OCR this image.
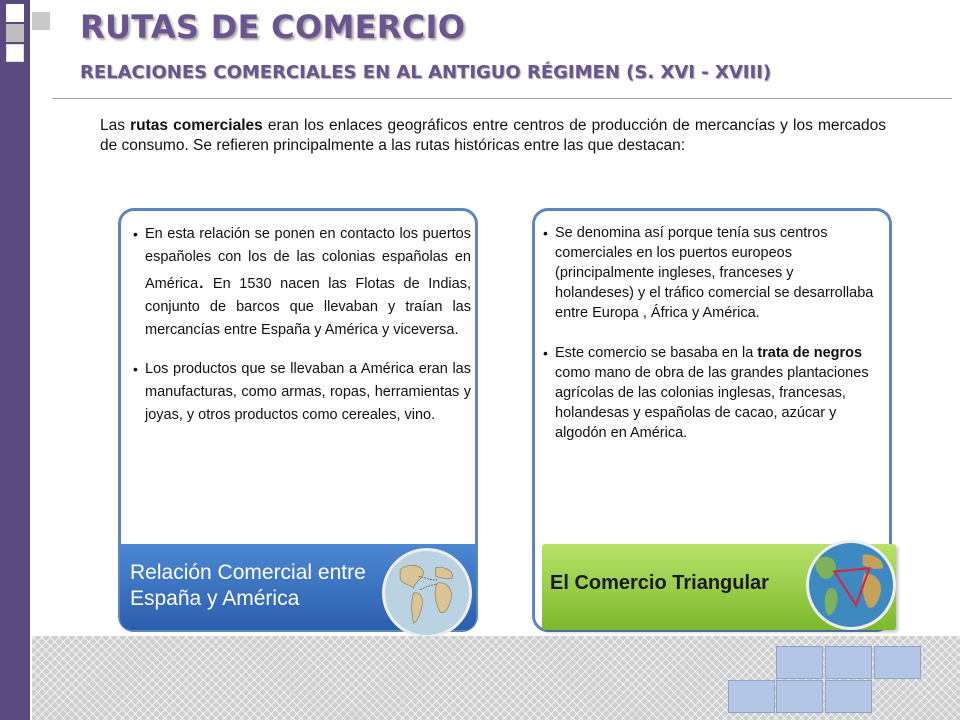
RUTAS DE COMERCIO
RELACIONES COMERCIALES EN AL ANTIGUO RÉGIMEN (S. XVI - XVIII)

Las rutas comerciales eran los enlaces geográficos entre centros de producción de mercancías y los mercados de consumo. Se refieren principalmente a las rutas históricas entre las que destacan:

• En esta relación se ponen en contacto los puertos españoles con los de las colonias españolas en América. En 1530 nacen las Flotas de Indias, conjunto de barcos que llevaban y traían las mercancías entre España y América y viceversa.
• Los productos que se llevaban a América eran las manufacturas, como armas, ropas, herramientas y joyas, y otros productos como cereales, vino.
Relación Comercial entre España y América
• Se denomina así porque tenía sus centros comerciales en los puertos europeos (principalmente ingleses, franceses y holandeses) y el tráfico comercial se desarrollaba entre Europa , África y América.
• Este comercio se basaba en la trata de negros como mano de obra de las grandes plantaciones agrícolas de las colonias inglesas, francesas, holandesas y españolas de cacao, azúcar y algodón en América.
El Comercio Triangular
